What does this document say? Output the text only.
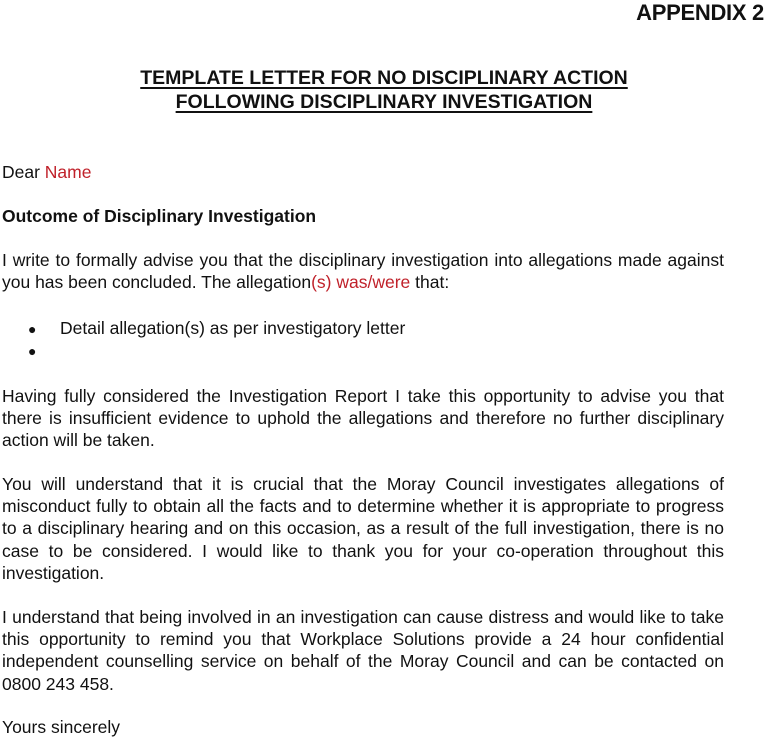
APPENDIX 2
TEMPLATE LETTER FOR NO DISCIPLINARY ACTION
FOLLOWING DISCIPLINARY INVESTIGATION
Dear Name
Outcome of Disciplinary Investigation
I write to formally advise you that the disciplinary investigation into allegations made against you has been concluded. The allegation(s) was/were that:
● Detail allegation(s) as per investigatory letter
●
Having fully considered the Investigation Report I take this opportunity to advise you that there is insufficient evidence to uphold the allegations and therefore no further disciplinary action will be taken.
You will understand that it is crucial that the Moray Council investigates allegations of misconduct fully to obtain all the facts and to determine whether it is appropriate to progress to a disciplinary hearing and on this occasion, as a result of the full investigation, there is no case to be considered. I would like to thank you for your co-operation throughout this investigation.
I understand that being involved in an investigation can cause distress and would like to take this opportunity to remind you that Workplace Solutions provide a 24 hour confidential independent counselling service on behalf of the Moray Council and can be contacted on 0800 243 458.
Yours sincerely
